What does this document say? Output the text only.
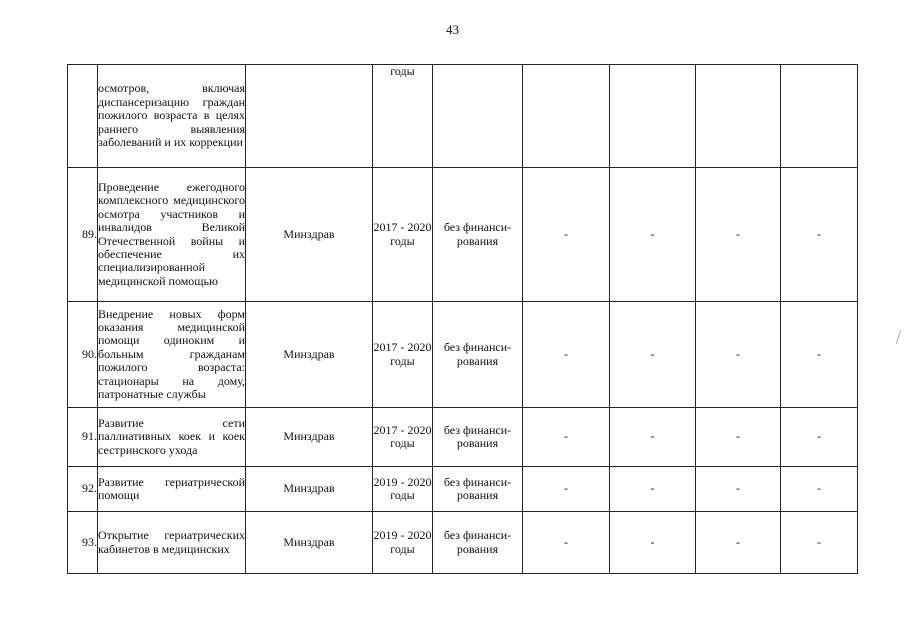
43
	осмотров, включая диспансеризацию граждан пожилого возраста в целях раннего выявления заболеваний и их коррекции		годы					
89.	Проведение ежегодного комплексного медицинского осмотра участников и инвалидов Великой Отечественной войны и обеспечение их специализированной медицинской помощью	Минздрав	2017 - 2020 годы	без финанси-рования	-	-	-	-
90.	Внедрение новых форм оказания медицинской помощи одиноким и больным гражданам пожилого возраста: стационары на дому, патронатные службы	Минздрав	2017 - 2020 годы	без финанси-рования	-	-	-	-
91.	Развитие сети паллиативных коек и коек сестринского ухода	Минздрав	2017 - 2020 годы	без финанси-рования	-	-	-	-
92.	Развитие гериатрической помощи	Минздрав	2019 - 2020 годы	без финанси-рования	-	-	-	-
93.	Открытие гериатрических кабинетов в медицинских	Минздрав	2019 - 2020 годы	без финанси-рования	-	-	-	-
